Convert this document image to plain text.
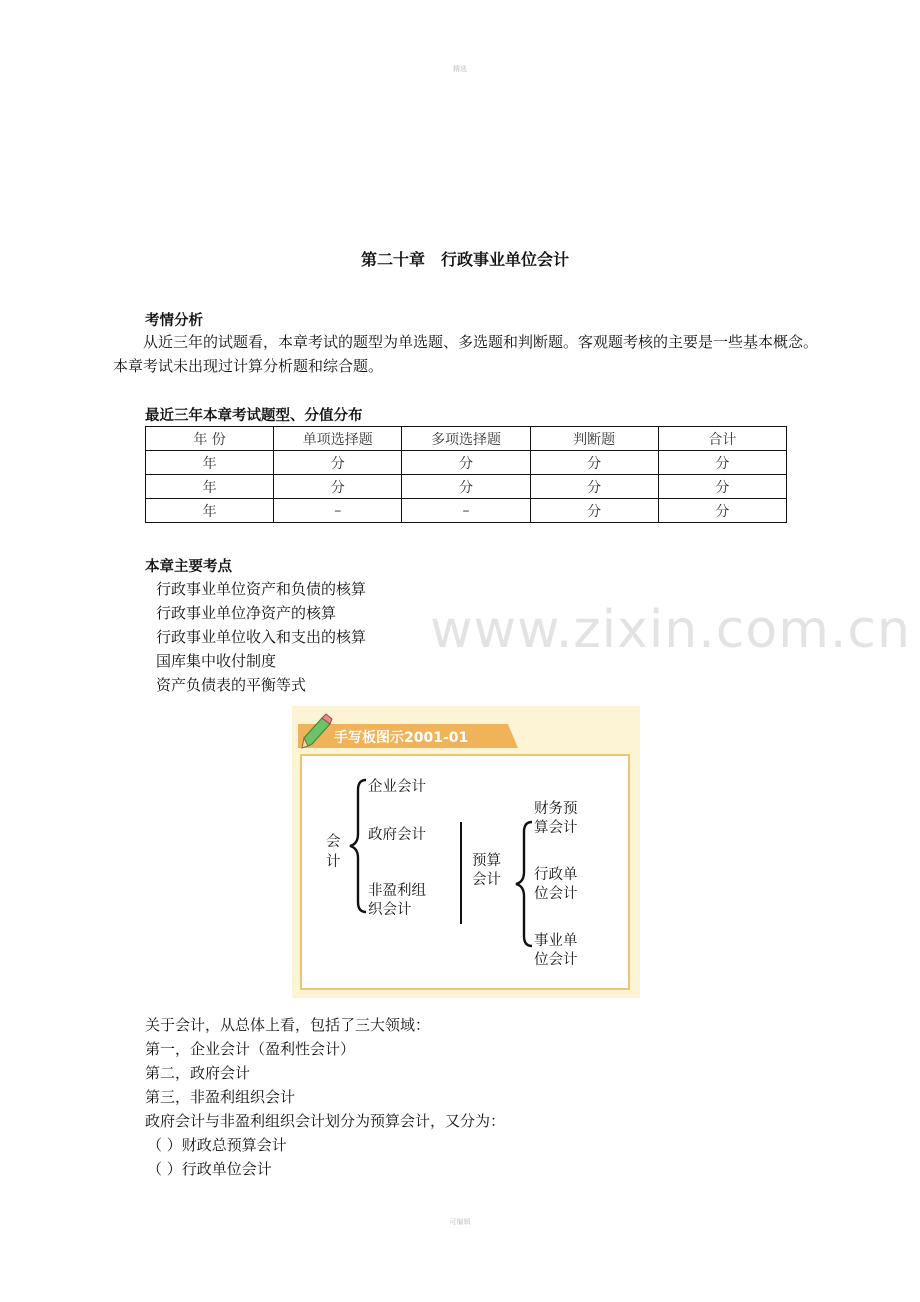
精选
www.zixin.com.cn
第二十章　行政事业单位会计
考情分析
从近三年的试题看，本章考试的题型为单选题、多选题和判断题。客观题考核的主要是一些基本概念。本章考试未出现过计算分析题和综合题。
最近三年本章考试题型、分值分布
年 份	单项选择题	多项选择题	判断题	合计
年	分	分	分	分
年	分	分	分	分
年	–	–	分	分
本章主要考点
行政事业单位资产和负债的核算
行政事业单位净资产的核算
行政事业单位收入和支出的核算
国库集中收付制度
资产负债表的平衡等式
手写板图示2001-01
会计
企业会计
政府会计
非盈利组织会计
预算会计
财务预算会计
行政单位会计
事业单位会计
关于会计，从总体上看，包括了三大领域：
第一，企业会计（盈利性会计）
第二，政府会计
第三，非盈利组织会计
政府会计与非盈利组织会计划分为预算会计，又分为：
（ ）财政总预算会计
（ ）行政单位会计
可编辑
